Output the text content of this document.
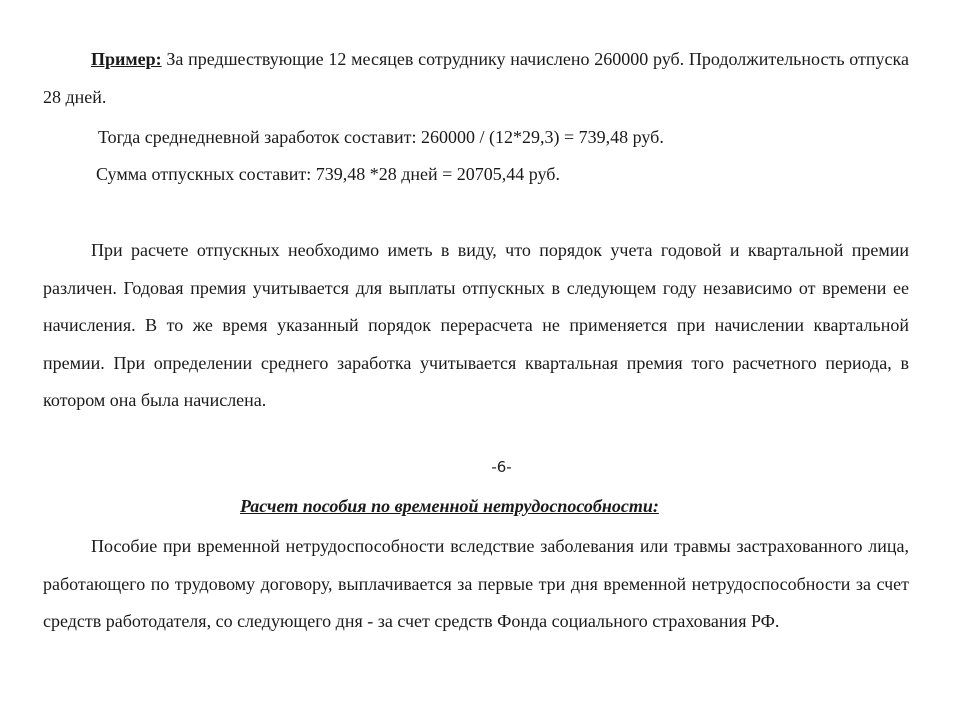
Пример: За предшествующие 12 месяцев сотруднику начислено 260000 руб. Продолжительность отпуска 28 дней.

Тогда среднедневной заработок составит: 260000 / (12*29,3) = 739,48 руб.

Сумма отпускных составит: 739,48 *28 дней = 20705,44 руб.

При расчете отпускных необходимо иметь в виду, что порядок учета годовой и квартальной премии различен. Годовая премия учитывается для выплаты отпускных в следующем году независимо от времени ее начисления. В то же время указанный порядок перерасчета не применяется при начислении квартальной премии. При определении среднего заработка учитывается квартальная премия того расчетного периода, в котором она была начислена.

-6-
Расчет пособия по временной нетрудоспособности:

Пособие при временной нетрудоспособности вследствие заболевания или травмы застрахованного лица, работающего по трудовому договору, выплачивается за первые три дня временной нетрудоспособности за счет средств работодателя, со следующего дня - за счет средств Фонда социального страхования РФ.
